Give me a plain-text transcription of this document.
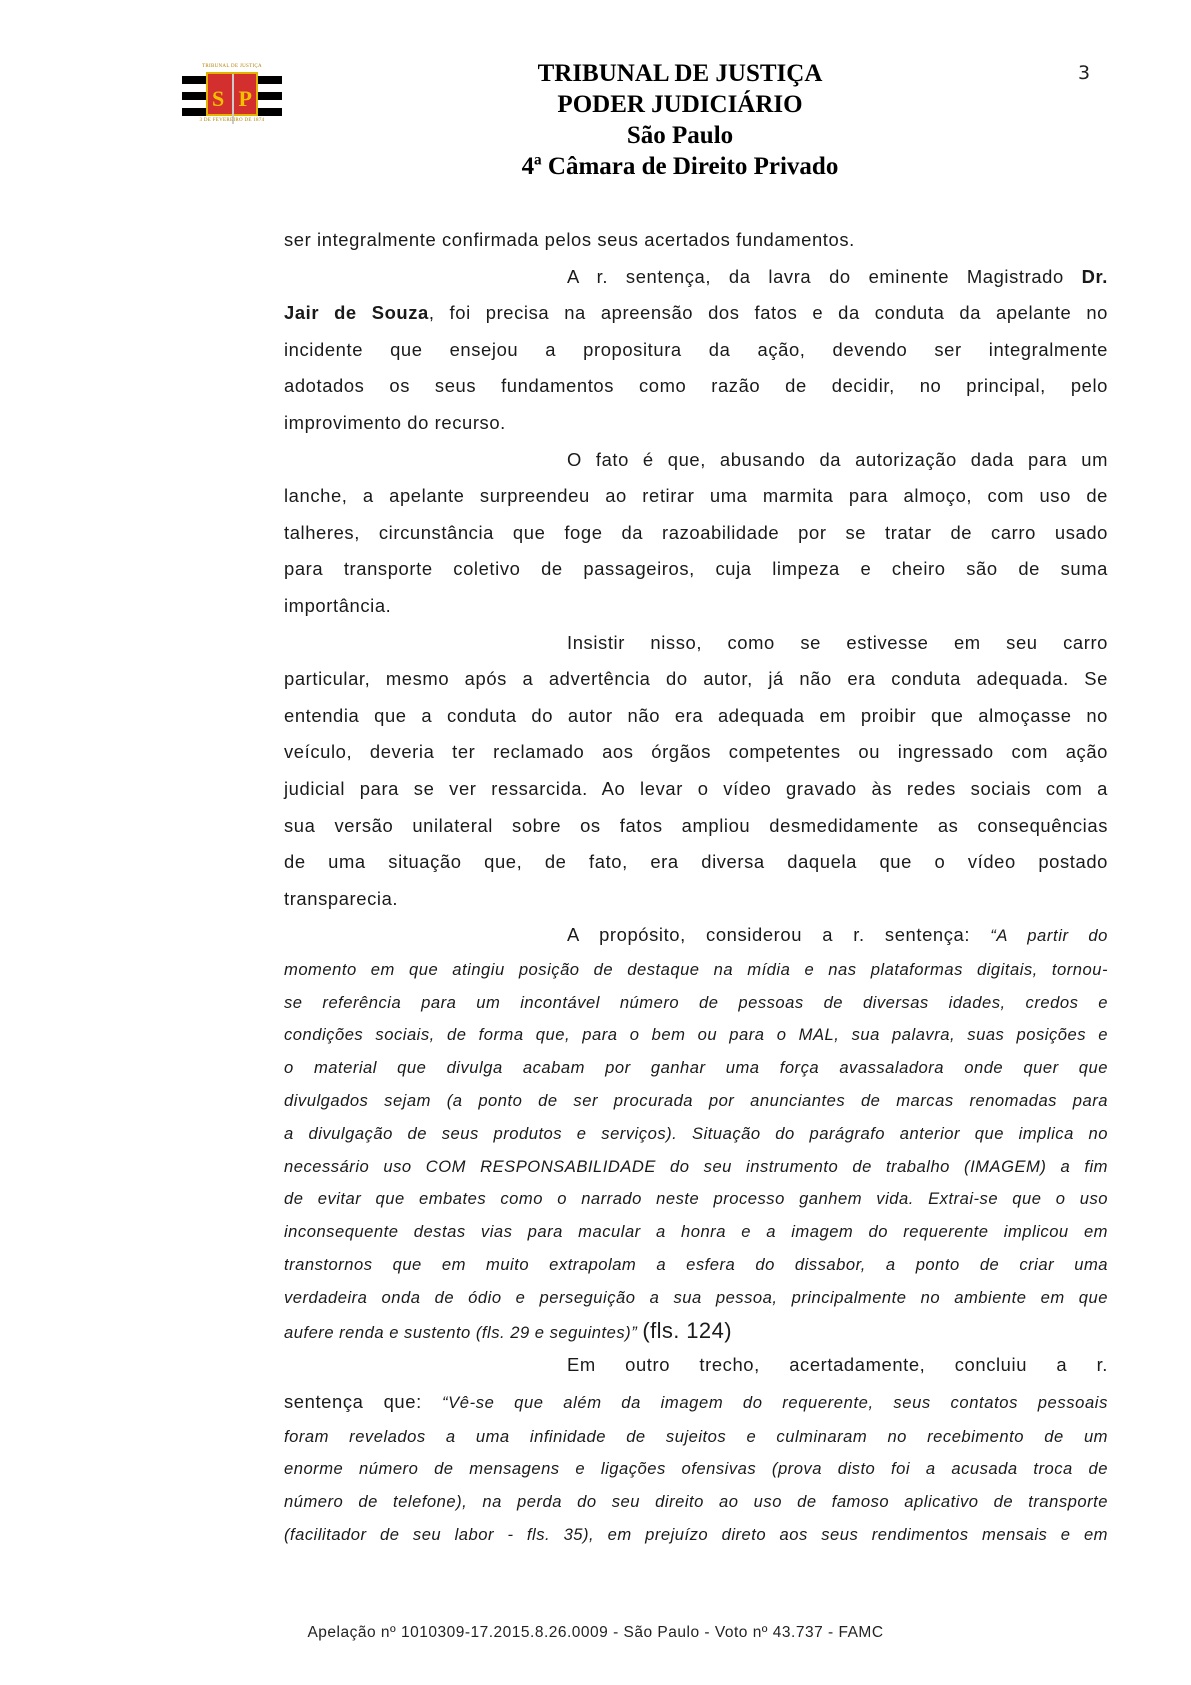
TRIBUNAL DE JUSTIÇA
S P
3 DE FEVEREIRO DE 1874
TRIBUNAL DE JUSTIÇA
PODER JUDICIÁRIO
São Paulo
4ª Câmara de Direito Privado
3
ser integralmente confirmada pelos seus acertados fundamentos.
A r. sentença, da lavra do eminente Magistrado Dr.
Jair de Souza, foi precisa na apreensão dos fatos e da conduta da apelante no
incidente que ensejou a propositura da ação, devendo ser integralmente
adotados os seus fundamentos como razão de decidir, no principal, pelo
improvimento do recurso.
O fato é que, abusando da autorização dada para um
lanche, a apelante surpreendeu ao retirar uma marmita para almoço, com uso de
talheres, circunstância que foge da razoabilidade por se tratar de carro usado
para transporte coletivo de passageiros, cuja limpeza e cheiro são de suma
importância.
Insistir nisso, como se estivesse em seu carro
particular, mesmo após a advertência do autor, já não era conduta adequada. Se
entendia que a conduta do autor não era adequada em proibir que almoçasse no
veículo, deveria ter reclamado aos órgãos competentes ou ingressado com ação
judicial para se ver ressarcida. Ao levar o vídeo gravado às redes sociais com a
sua versão unilateral sobre os fatos ampliou desmedidamente as consequências
de uma situação que, de fato, era diversa daquela que o vídeo postado
transparecia.
A propósito, considerou a r. sentença: “A partir do
momento em que atingiu posição de destaque na mídia e nas plataformas digitais, tornou-
se referência para um incontável número de pessoas de diversas idades, credos e
condições sociais, de forma que, para o bem ou para o MAL, sua palavra, suas posições e
o material que divulga acabam por ganhar uma força avassaladora onde quer que
divulgados sejam (a ponto de ser procurada por anunciantes de marcas renomadas para
a divulgação de seus produtos e serviços). Situação do parágrafo anterior que implica no
necessário uso COM RESPONSABILIDADE do seu instrumento de trabalho (IMAGEM) a fim
de evitar que embates como o narrado neste processo ganhem vida. Extrai-se que o uso
inconsequente destas vias para macular a honra e a imagem do requerente implicou em
transtornos que em muito extrapolam a esfera do dissabor, a ponto de criar uma
verdadeira onda de ódio e perseguição a sua pessoa, principalmente no ambiente em que
aufere renda e sustento (fls. 29 e seguintes)” (fls. 124)
Em outro trecho, acertadamente, concluiu a r.
sentença que: “Vê-se que além da imagem do requerente, seus contatos pessoais
foram revelados a uma infinidade de sujeitos e culminaram no recebimento de um
enorme número de mensagens e ligações ofensivas (prova disto foi a acusada troca de
número de telefone), na perda do seu direito ao uso de famoso aplicativo de transporte
(facilitador de seu labor - fls. 35), em prejuízo direto aos seus rendimentos mensais e em
Apelação nº 1010309-17.2015.8.26.0009 - São Paulo - Voto nº 43.737 - FAMC
